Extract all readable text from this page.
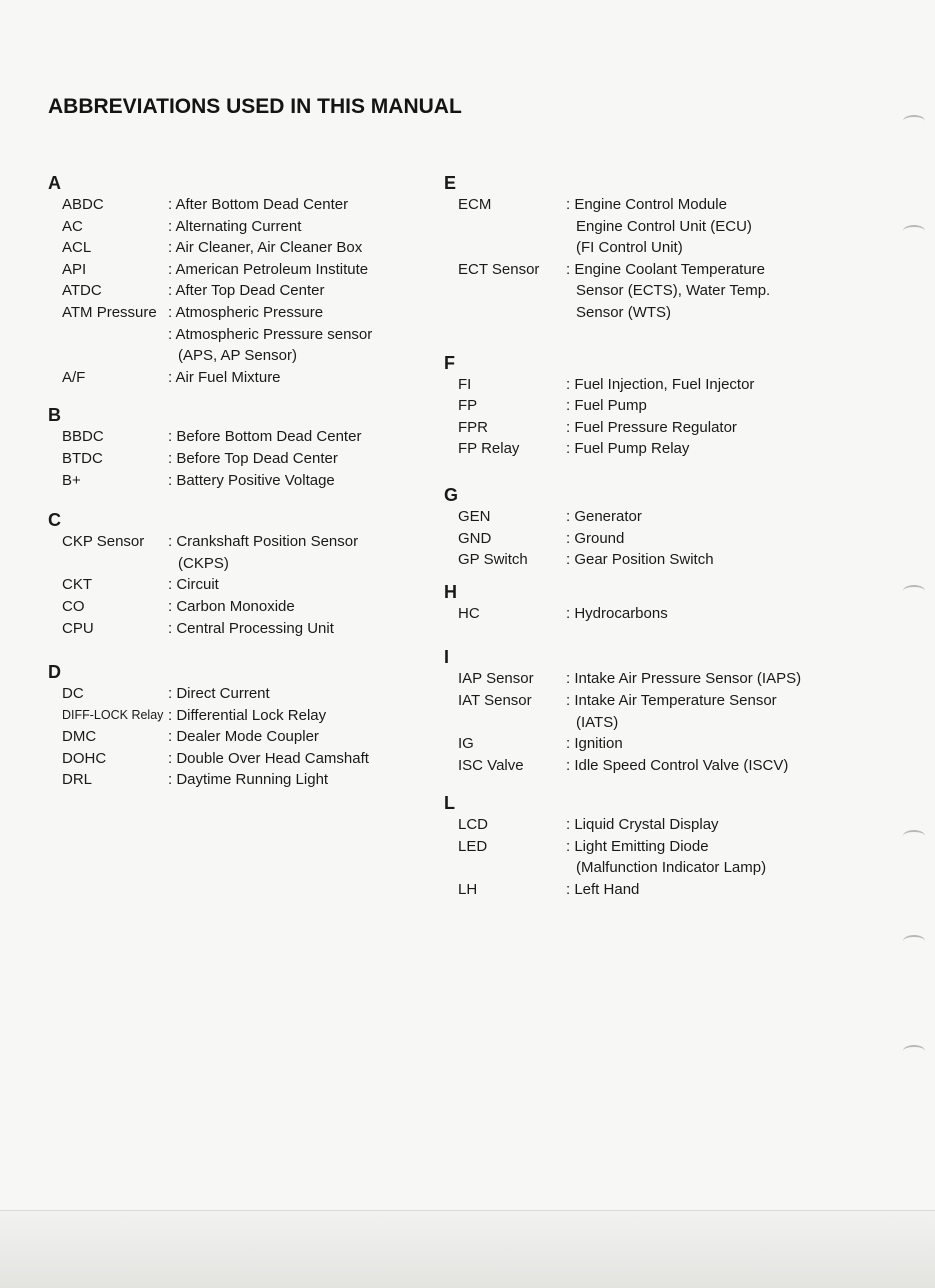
ABBREVIATIONS USED IN THIS MANUAL
A
ABDC	: After Bottom Dead Center
AC	: Alternating Current
ACL	: Air Cleaner, Air Cleaner Box
API	: American Petroleum Institute
ATDC	: After Top Dead Center
ATM Pressure : Atmospheric Pressure
: Atmospheric Pressure sensor
(APS, AP Sensor)
A/F	: Air Fuel Mixture
B
BBDC	: Before Bottom Dead Center
BTDC	: Before Top Dead Center
B+	: Battery Positive Voltage
C
CKP Sensor	: Crankshaft Position Sensor
(CKPS)
CKT	: Circuit
CO	: Carbon Monoxide
CPU	: Central Processing Unit
D
DC	: Direct Current
DIFF-LOCK Relay : Differential Lock Relay
DMC	: Dealer Mode Coupler
DOHC	: Double Over Head Camshaft
DRL	: Daytime Running Light
E
ECM	: Engine Control Module
Engine Control Unit (ECU)
(FI Control Unit)
ECT Sensor	: Engine Coolant Temperature
Sensor (ECTS), Water Temp.
Sensor (WTS)
F
FI	: Fuel Injection, Fuel Injector
FP	: Fuel Pump
FPR	: Fuel Pressure Regulator
FP Relay	: Fuel Pump Relay
G
GEN	: Generator
GND	: Ground
GP Switch	: Gear Position Switch
H
HC	: Hydrocarbons
I
IAP Sensor	: Intake Air Pressure Sensor (IAPS)
IAT Sensor	: Intake Air Temperature Sensor
(IATS)
IG	: Ignition
ISC Valve	: Idle Speed Control Valve (ISCV)
L
LCD	: Liquid Crystal Display
LED	: Light Emitting Diode
(Malfunction Indicator Lamp)
LH	: Left Hand
